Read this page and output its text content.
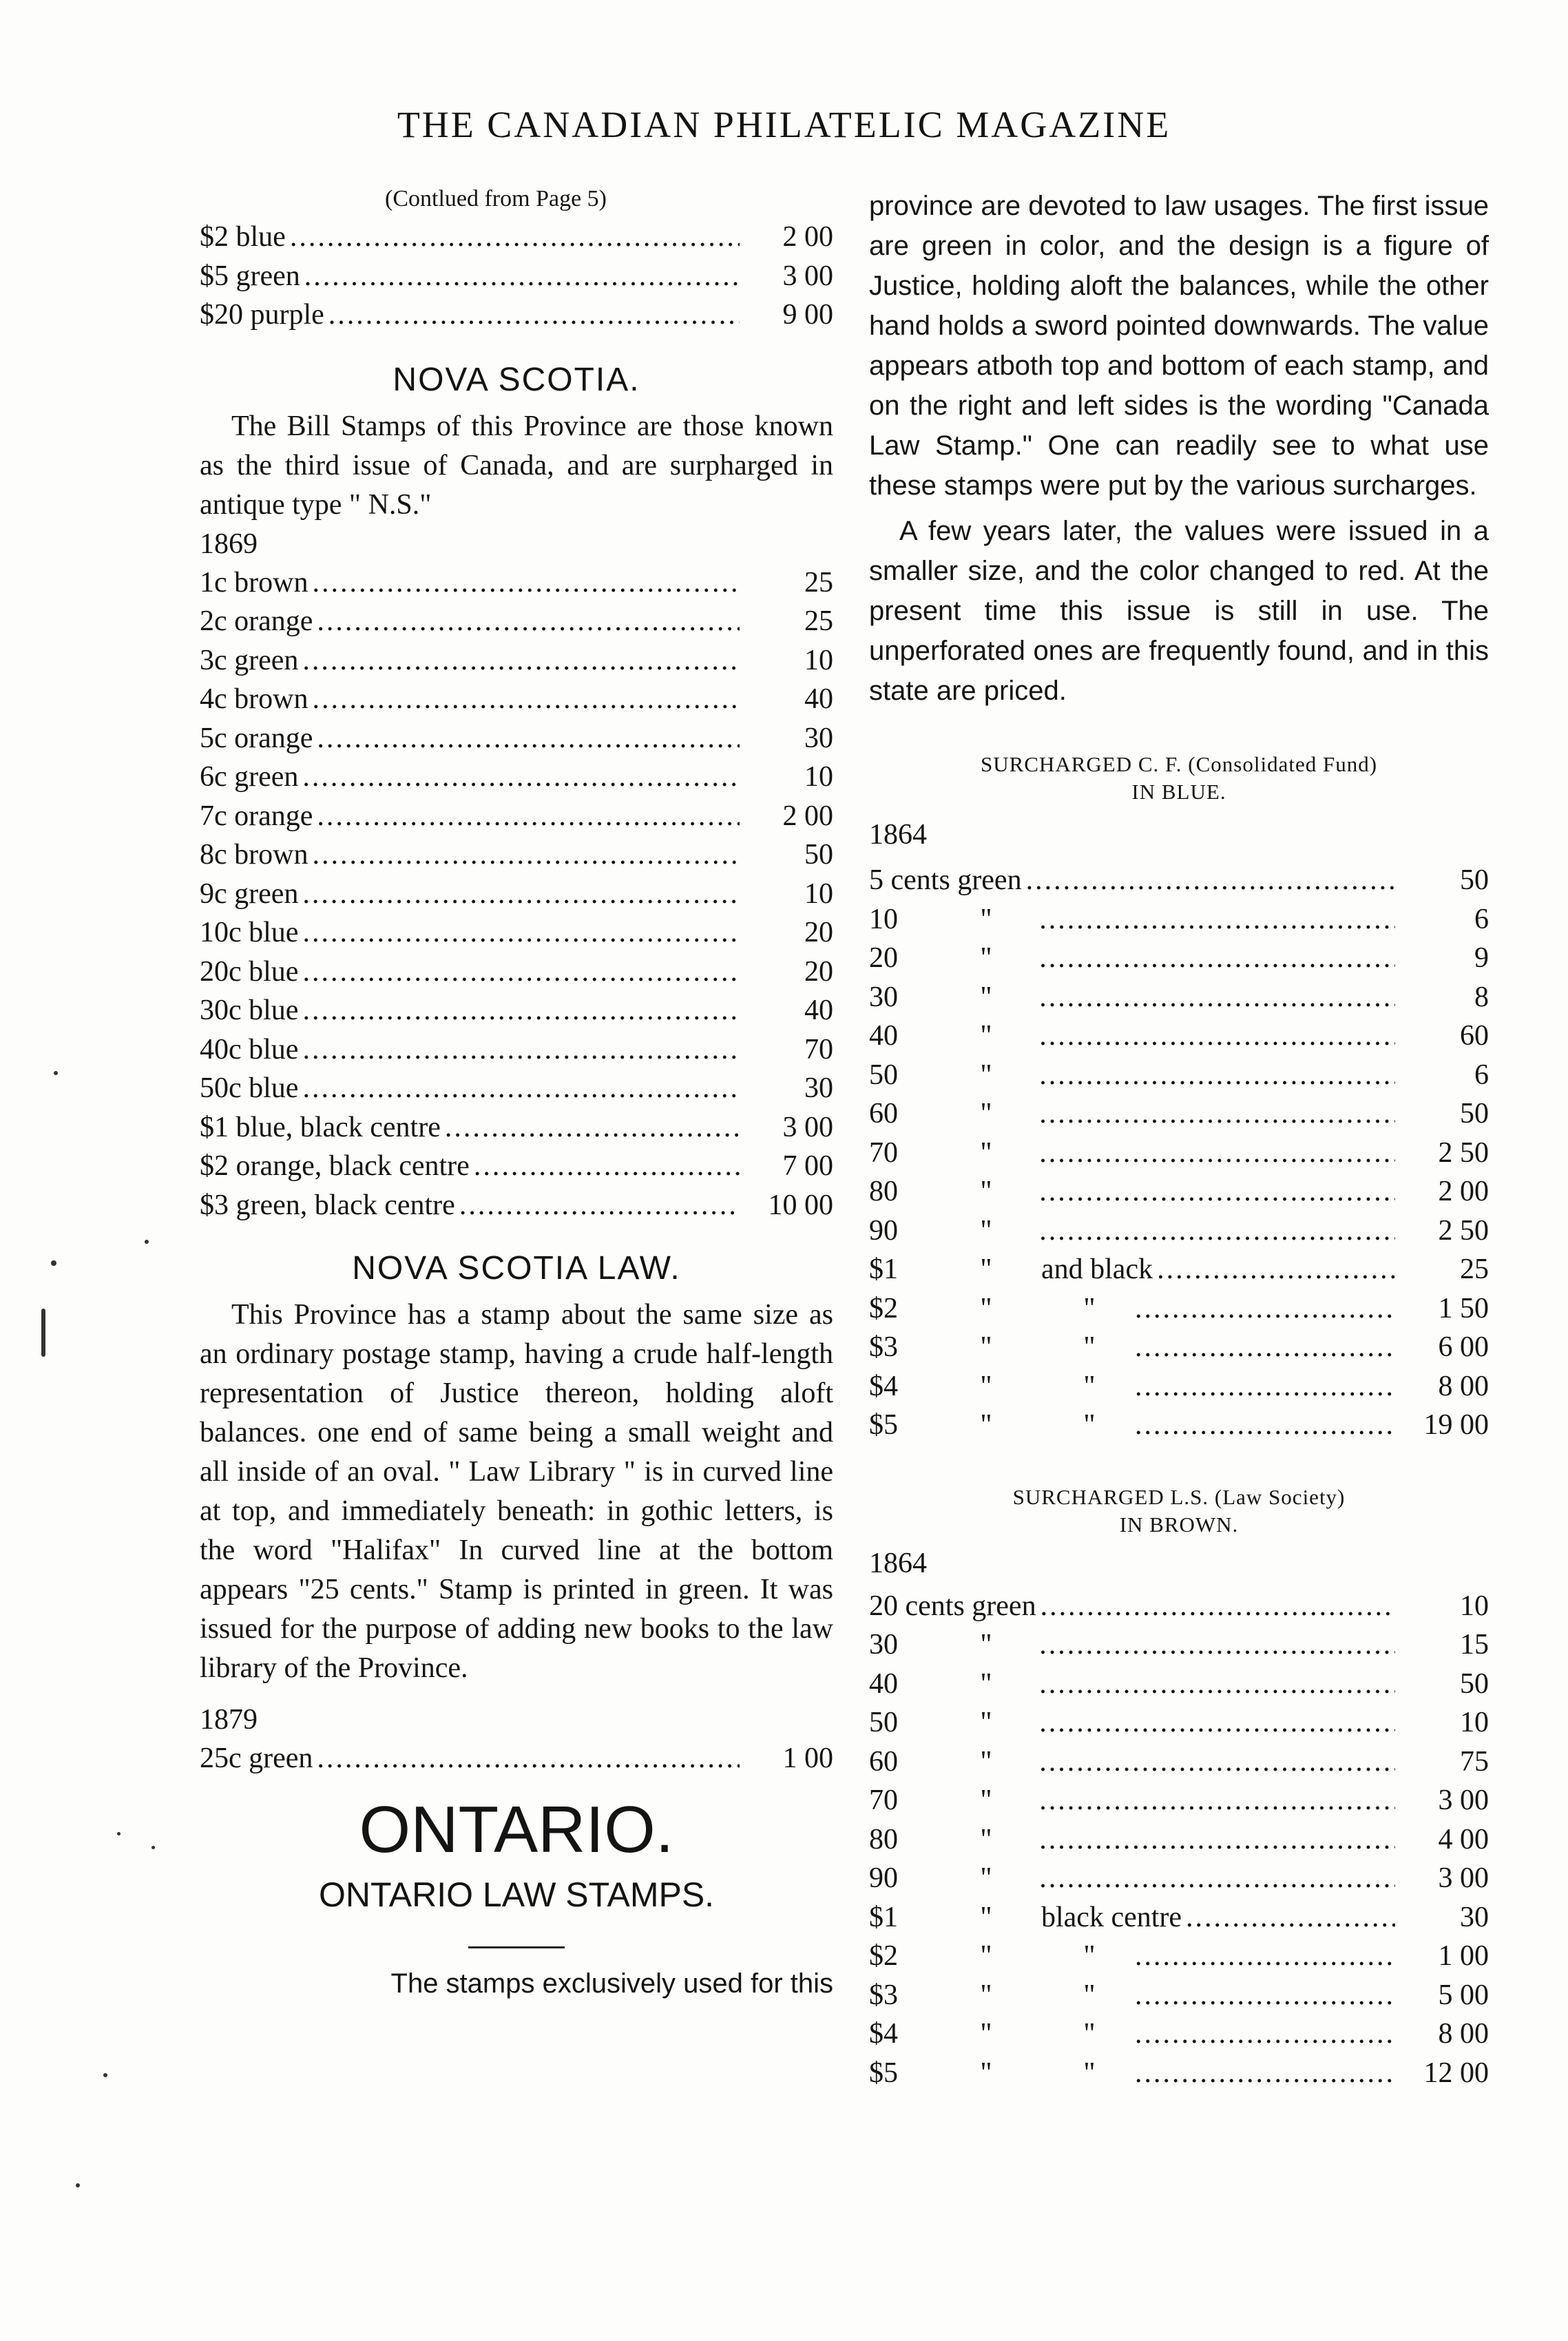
THE CANADIAN PHILATELIC MAGAZINE
(Contlued from Page 5)
$2 blue .....	2 00
$5 green .....	3 00
$20 purple .....	9 00
NOVA SCOTIA.

The Bill Stamps of this Province are those known as the third issue of Canada, and are surpharged in antique type " N.S."

1869
1c brown .....	25
2c orange .....	25
3c green .....	10
4c brown .....	40
5c orange .....	30
6c green .....	10
7c orange .....	2 00
8c brown .....	50
9c green .....	10
10c blue .....	20
20c blue .....	20
30c blue .....	40
40c blue .....	70
50c blue .....	30
$1 blue, black centre .....	3 00
$2 orange, black centre .....	7 00
$3 green, black centre .....	10 00
NOVA SCOTIA LAW.

This Province has a stamp about the same size as an ordinary postage stamp, having a crude half-length representation of Justice thereon, holding aloft balances. one end of same being a small weight and all inside of an oval. " Law Library " is in curved line at top, and immediately beneath: in gothic letters, is the word "Halifax" In curved line at the bottom appears "25 cents." Stamp is printed in green. It was issued for the purpose of adding new books to the law library of the Province.

1879
25c green .....	1 00
ONTARIO.
ONTARIO LAW STAMPS.

The stamps exclusively used for this

province are devoted to law usages. The first issue are green in color, and the design is a figure of Justice, holding aloft the balances, while the other hand holds a sword pointed downwards. The value appears atboth top and bottom of each stamp, and on the right and left sides is the wording "Canada Law Stamp." One can readily see to what use these stamps were put by the various surcharges.

A few years later, the values were issued in a smaller size, and the color changed to red. At the present time this issue is still in use. The unperforated ones are frequently found, and in this state are priced.

SURCHARGED C. F. (Consolidated Fund)

IN BLUE.

1864
5 cents green .....	50
10	" .....	6
20	" .....	9
30	" .....	8
40	" .....	60
50	" .....	6
60	" .....	50
70	" .....	2 50
80	" .....	2 00
90	" .....	2 50
$1	"	and black .....	25
$2	"	" .....	1 50
$3	"	" .....	6 00
$4	"	" .....	8 00
$5	"	" .....	19 00

SURCHARGED L.S. (Law Society)

IN BROWN.

1864
20 cents green .....	10
30	" .....	15
40	" .....	50
50	" .....	10
60	" .....	75
70	" .....	3 00
80	" .....	4 00
90	" .....	3 00
$1	"	black centre .....	30
$2	"	" .....	1 00
$3	"	" .....	5 00
$4	"	" .....	8 00
$5	"	" .....	12 00
